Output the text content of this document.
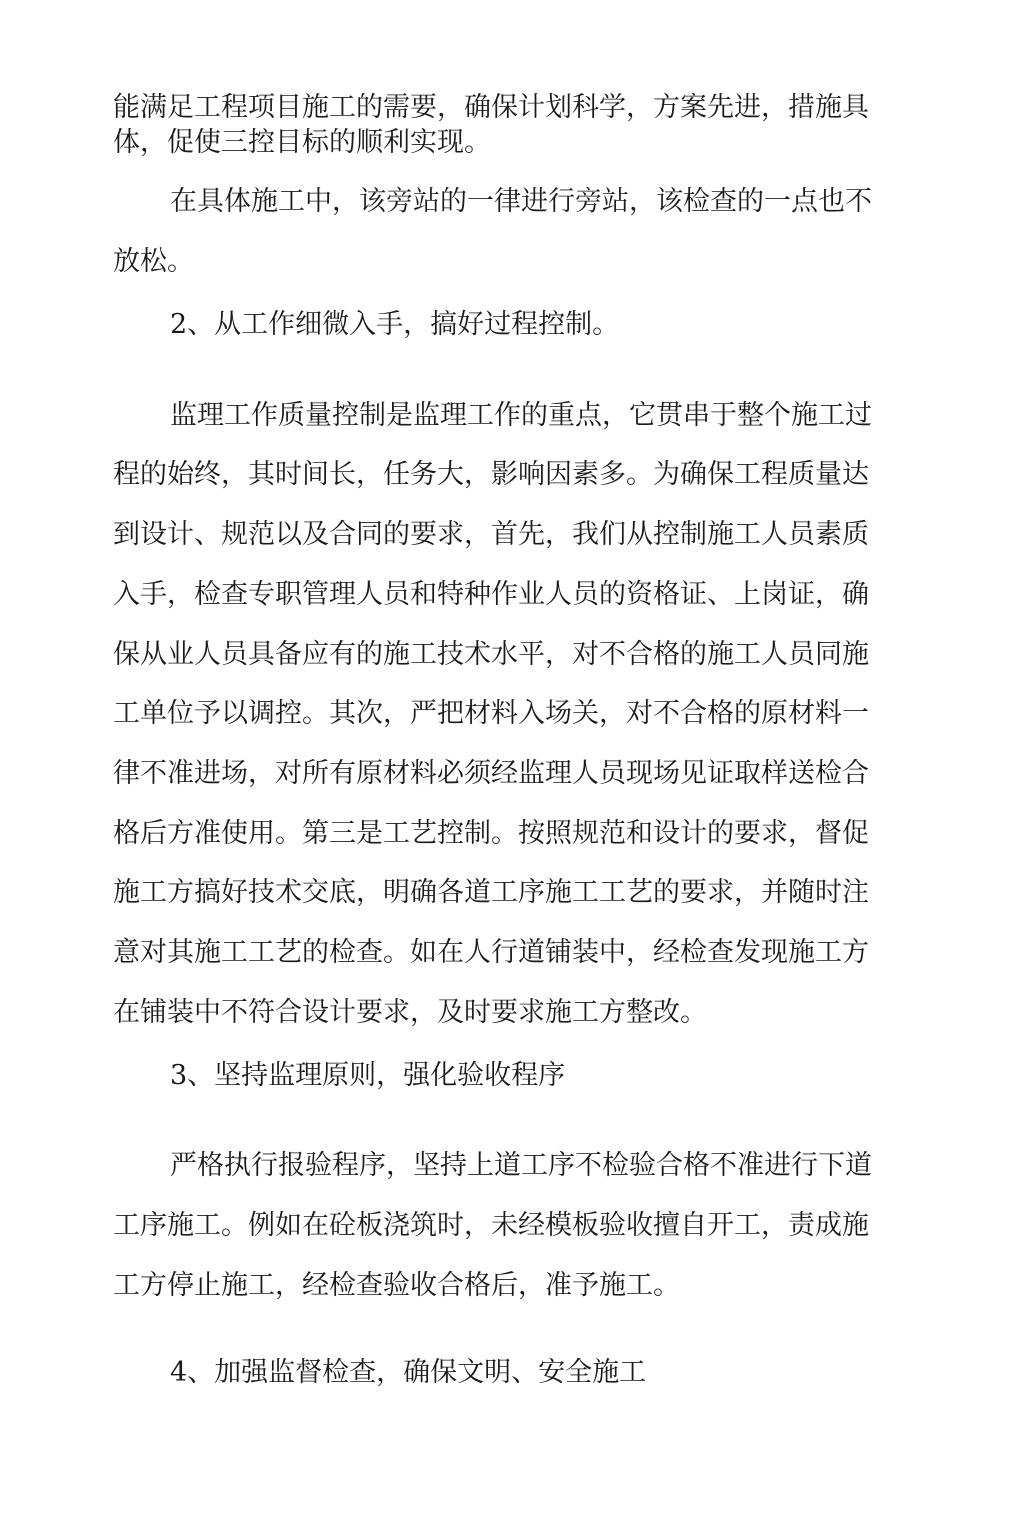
能满足工程项目施工的需要，确保计划科学，方案先进，措施具
体，促使三控目标的顺利实现。
在具体施工中，该旁站的一律进行旁站，该检查的一点也不
放松。
2、从工作细微入手，搞好过程控制。
监理工作质量控制是监理工作的重点，它贯串于整个施工过
程的始终，其时间长，任务大，影响因素多。为确保工程质量达
到设计、规范以及合同的要求，首先，我们从控制施工人员素质
入手，检查专职管理人员和特种作业人员的资格证、上岗证，确
保从业人员具备应有的施工技术水平，对不合格的施工人员同施
工单位予以调控。其次，严把材料入场关，对不合格的原材料一
律不准进场，对所有原材料必须经监理人员现场见证取样送检合
格后方准使用。第三是工艺控制。按照规范和设计的要求，督促
施工方搞好技术交底，明确各道工序施工工艺的要求，并随时注
意对其施工工艺的检查。如在人行道铺装中，经检查发现施工方
在铺装中不符合设计要求，及时要求施工方整改。
3、坚持监理原则，强化验收程序
严格执行报验程序，坚持上道工序不检验合格不准进行下道
工序施工。例如在砼板浇筑时，未经模板验收擅自开工，责成施
工方停止施工，经检查验收合格后，准予施工。
4、加强监督检查，确保文明、安全施工
